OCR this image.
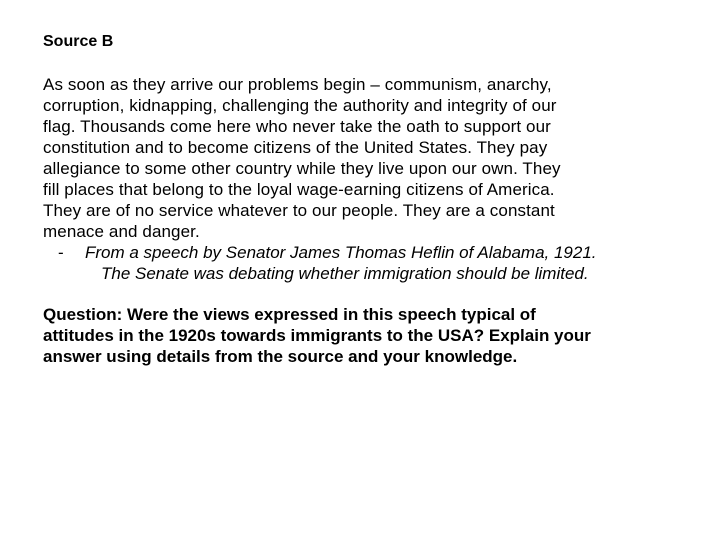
Source B

As soon as they arrive our problems begin – communism, anarchy,
corruption, kidnapping, challenging the authority and integrity of our
flag. Thousands come here who never take the oath to support our
constitution and to become citizens of the United States. They pay
allegiance to some other country while they live upon our own. They
fill places that belong to the loyal wage-earning citizens of America.
They are of no service whatever to our people. They are a constant
menace and danger.
- From a speech by Senator James Thomas Heflin of Alabama, 1921.
The Senate was debating whether immigration should be limited.
Question: Were the views expressed in this speech typical of
attitudes in the 1920s towards immigrants to the USA? Explain your
answer using details from the source and your knowledge.
